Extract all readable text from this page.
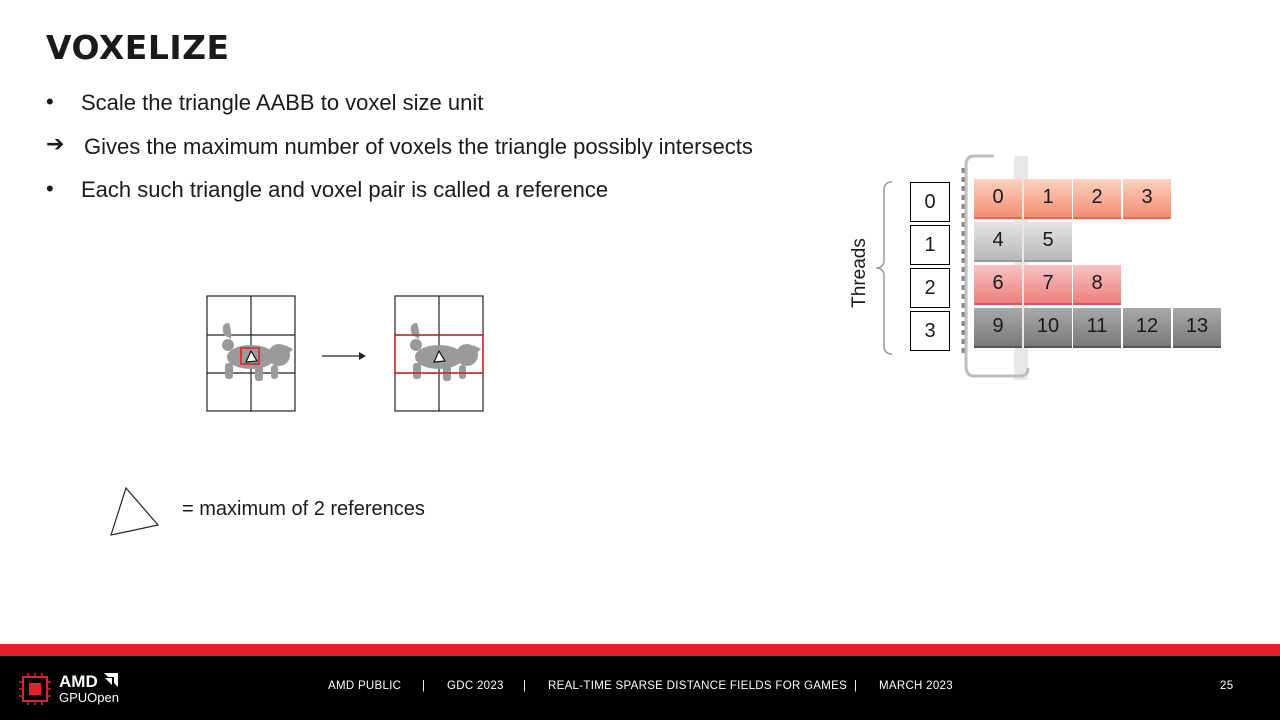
VOXELIZE
• Scale the triangle AABB to voxel size unit
➔ Gives the maximum number of voxels the triangle possibly intersects
• Each such triangle and voxel pair is called a reference
= maximum of 2 references
Threads
0
1
2
3
0	1	2	3
4	5
6	7	8
9	10	11	12	13
AMD
GPUOpen
AMD PUBLIC | GDC 2023 | REAL-TIME SPARSE DISTANCE FIELDS FOR GAMES | MARCH 2023	25
